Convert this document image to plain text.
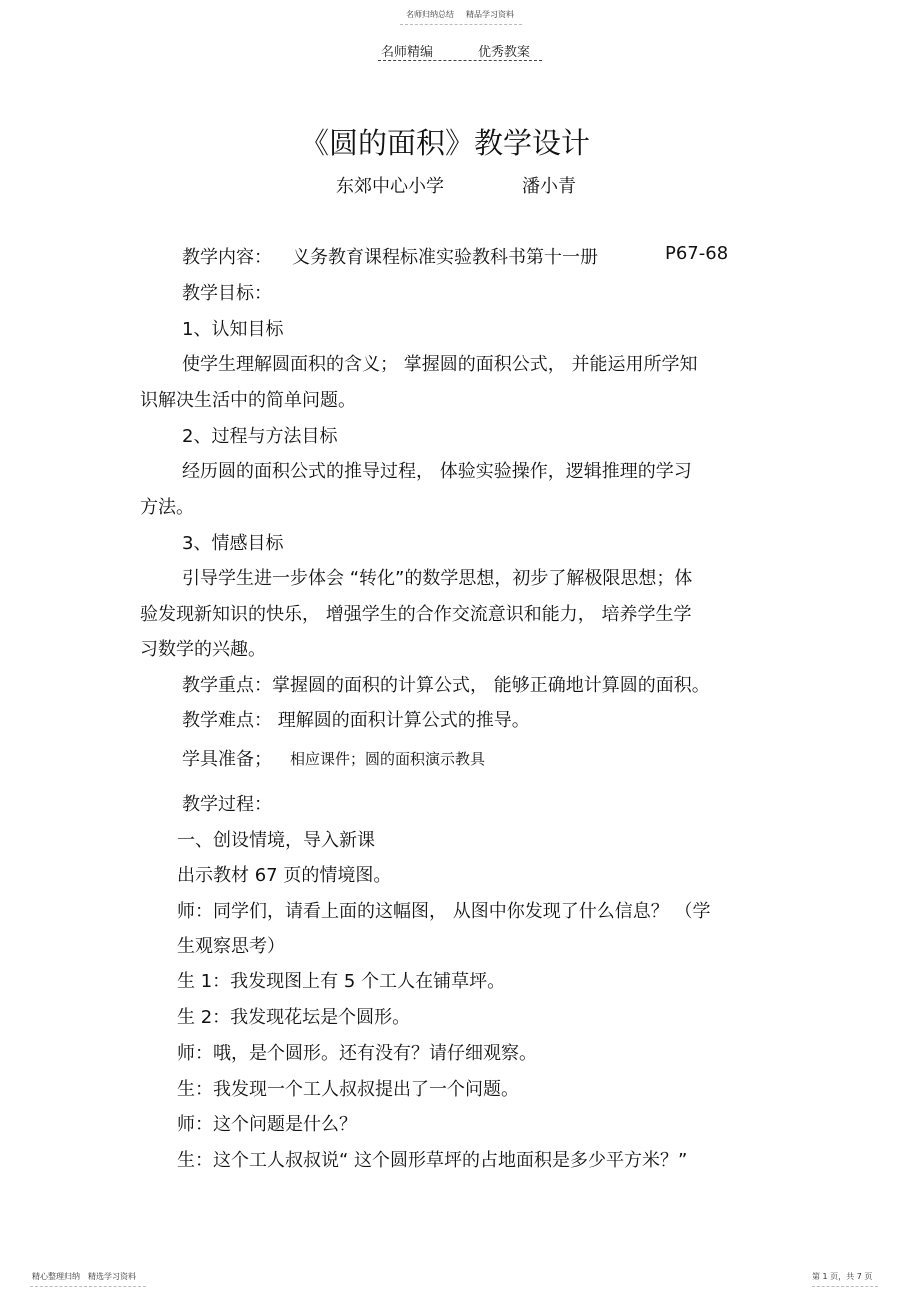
名师归纳总结 精品学习资料
名师精编	优秀教案
《圆的面积》教学设计
东郊中心小学	潘小青
教学内容： 义务教育课程标准实验教科书第十一册	P67-68
教学目标：
1、认知目标
使学生理解圆面积的含义； 掌握圆的面积公式， 并能运用所学知
识解决生活中的简单问题。
2、过程与方法目标
经历圆的面积公式的推导过程， 体验实验操作，逻辑推理的学习
方法。
3、情感目标
引导学生进一步体会 “转化”的数学思想，初步了解极限思想；体
验发现新知识的快乐， 增强学生的合作交流意识和能力， 培养学生学
习数学的兴趣。
教学重点：掌握圆的面积的计算公式， 能够正确地计算圆的面积。
教学难点： 理解圆的面积计算公式的推导。
学具准备； 相应课件；圆的面积演示教具
教学过程：
一、创设情境，导入新课
出示教材 67 页的情境图。
师：同学们，请看上面的这幅图， 从图中你发现了什么信息？ （学
生观察思考）
生 1：我发现图上有 5 个工人在铺草坪。
生 2：我发现花坛是个圆形。
师：哦，是个圆形。还有没有？请仔细观察。
生：我发现一个工人叔叔提出了一个问题。
师：这个问题是什么？
生：这个工人叔叔说“ 这个圆形草坪的占地面积是多少平方米？”
精心整理归纳 精选学习资料	第 1 页，共 7 页
